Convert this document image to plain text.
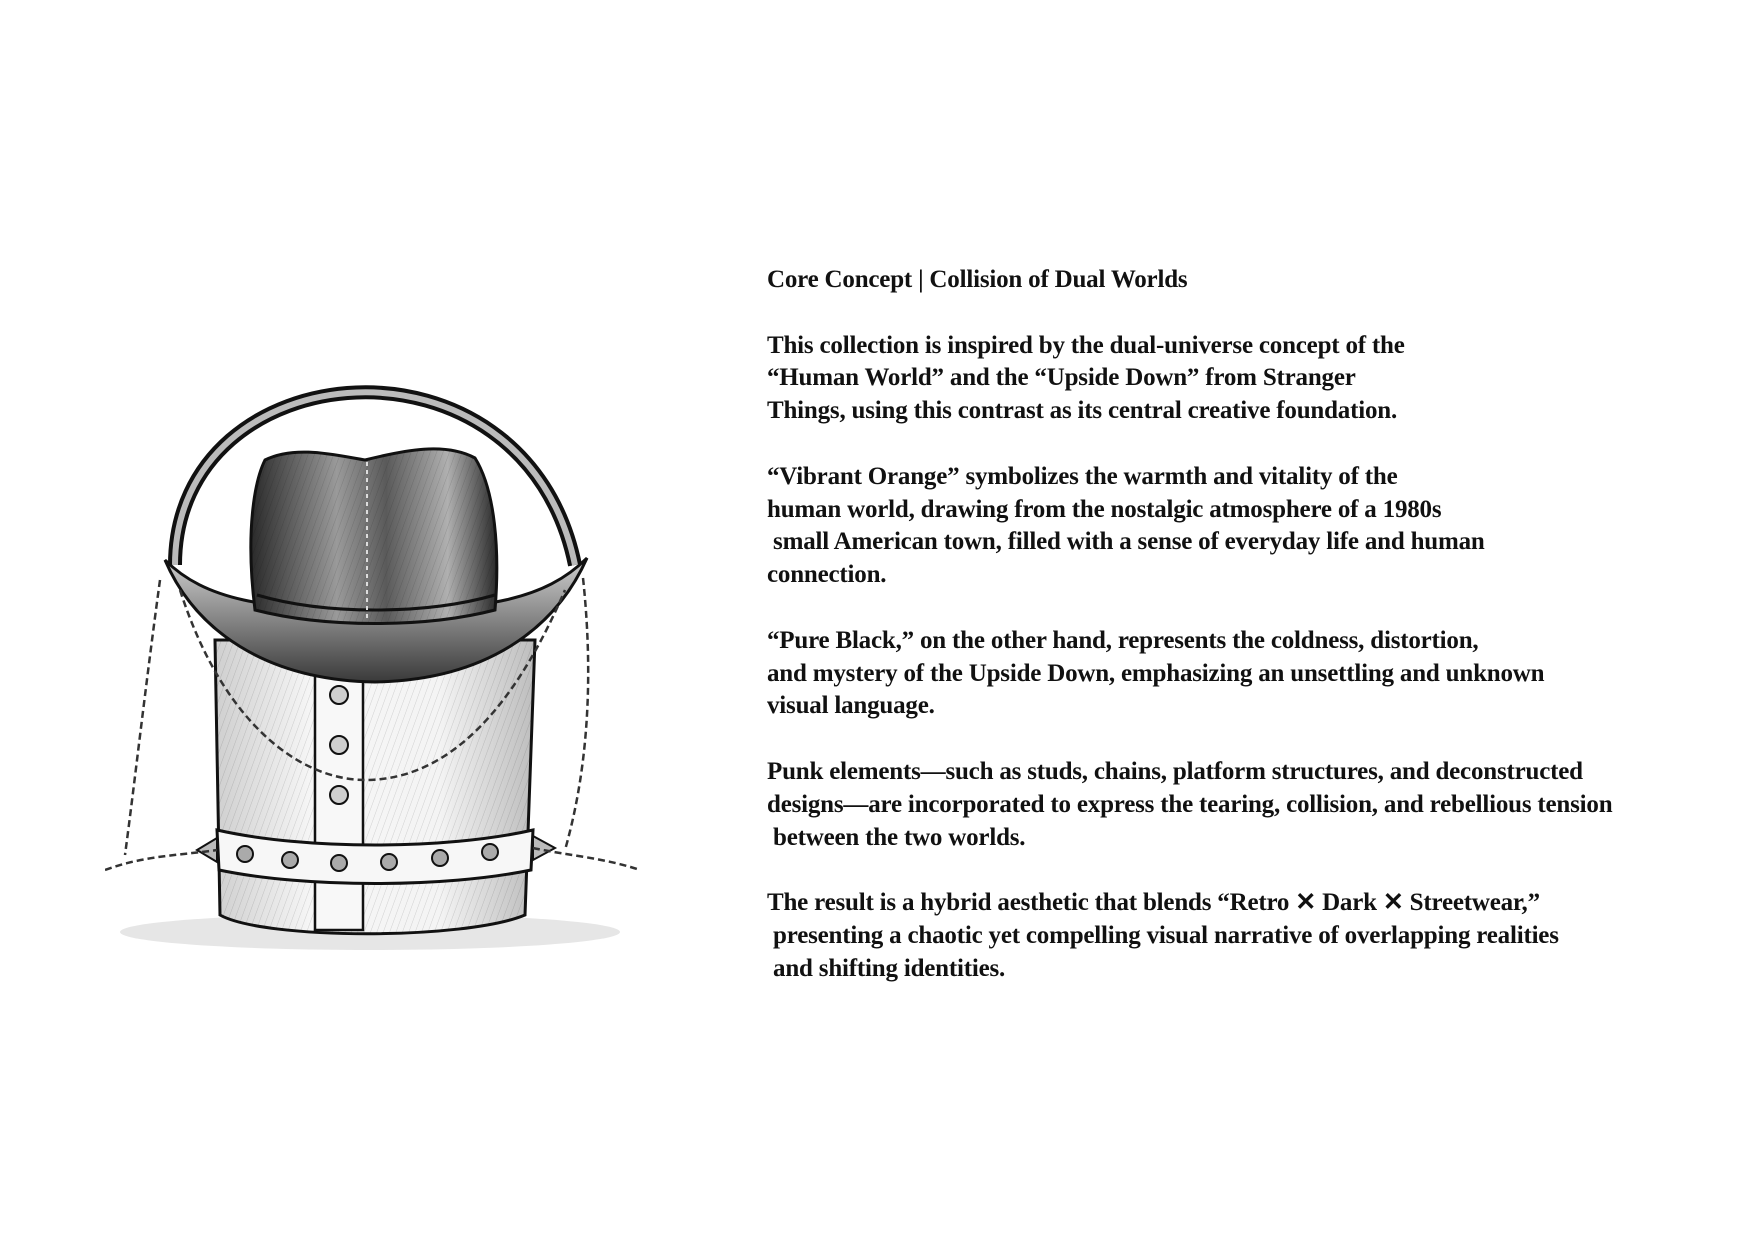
Core Concept | Collision of Dual Worlds
This collection is inspired by the dual-universe concept of the
“Human World” and the “Upside Down” from Stranger
Things, using this contrast as its central creative foundation.
“Vibrant Orange” symbolizes the warmth and vitality of the
human world, drawing from the nostalgic atmosphere of a 1980s
small American town, filled with a sense of everyday life and human
connection.
“Pure Black,” on the other hand, represents the coldness, distortion,
and mystery of the Upside Down, emphasizing an unsettling and unknown
visual language.
Punk elements—such as studs, chains, platform structures, and deconstructed
designs—are incorporated to express the tearing, collision, and rebellious tension
between the two worlds.
The result is a hybrid aesthetic that blends “Retro ✕ Dark ✕ Streetwear,”
presenting a chaotic yet compelling visual narrative of overlapping realities
and shifting identities.
